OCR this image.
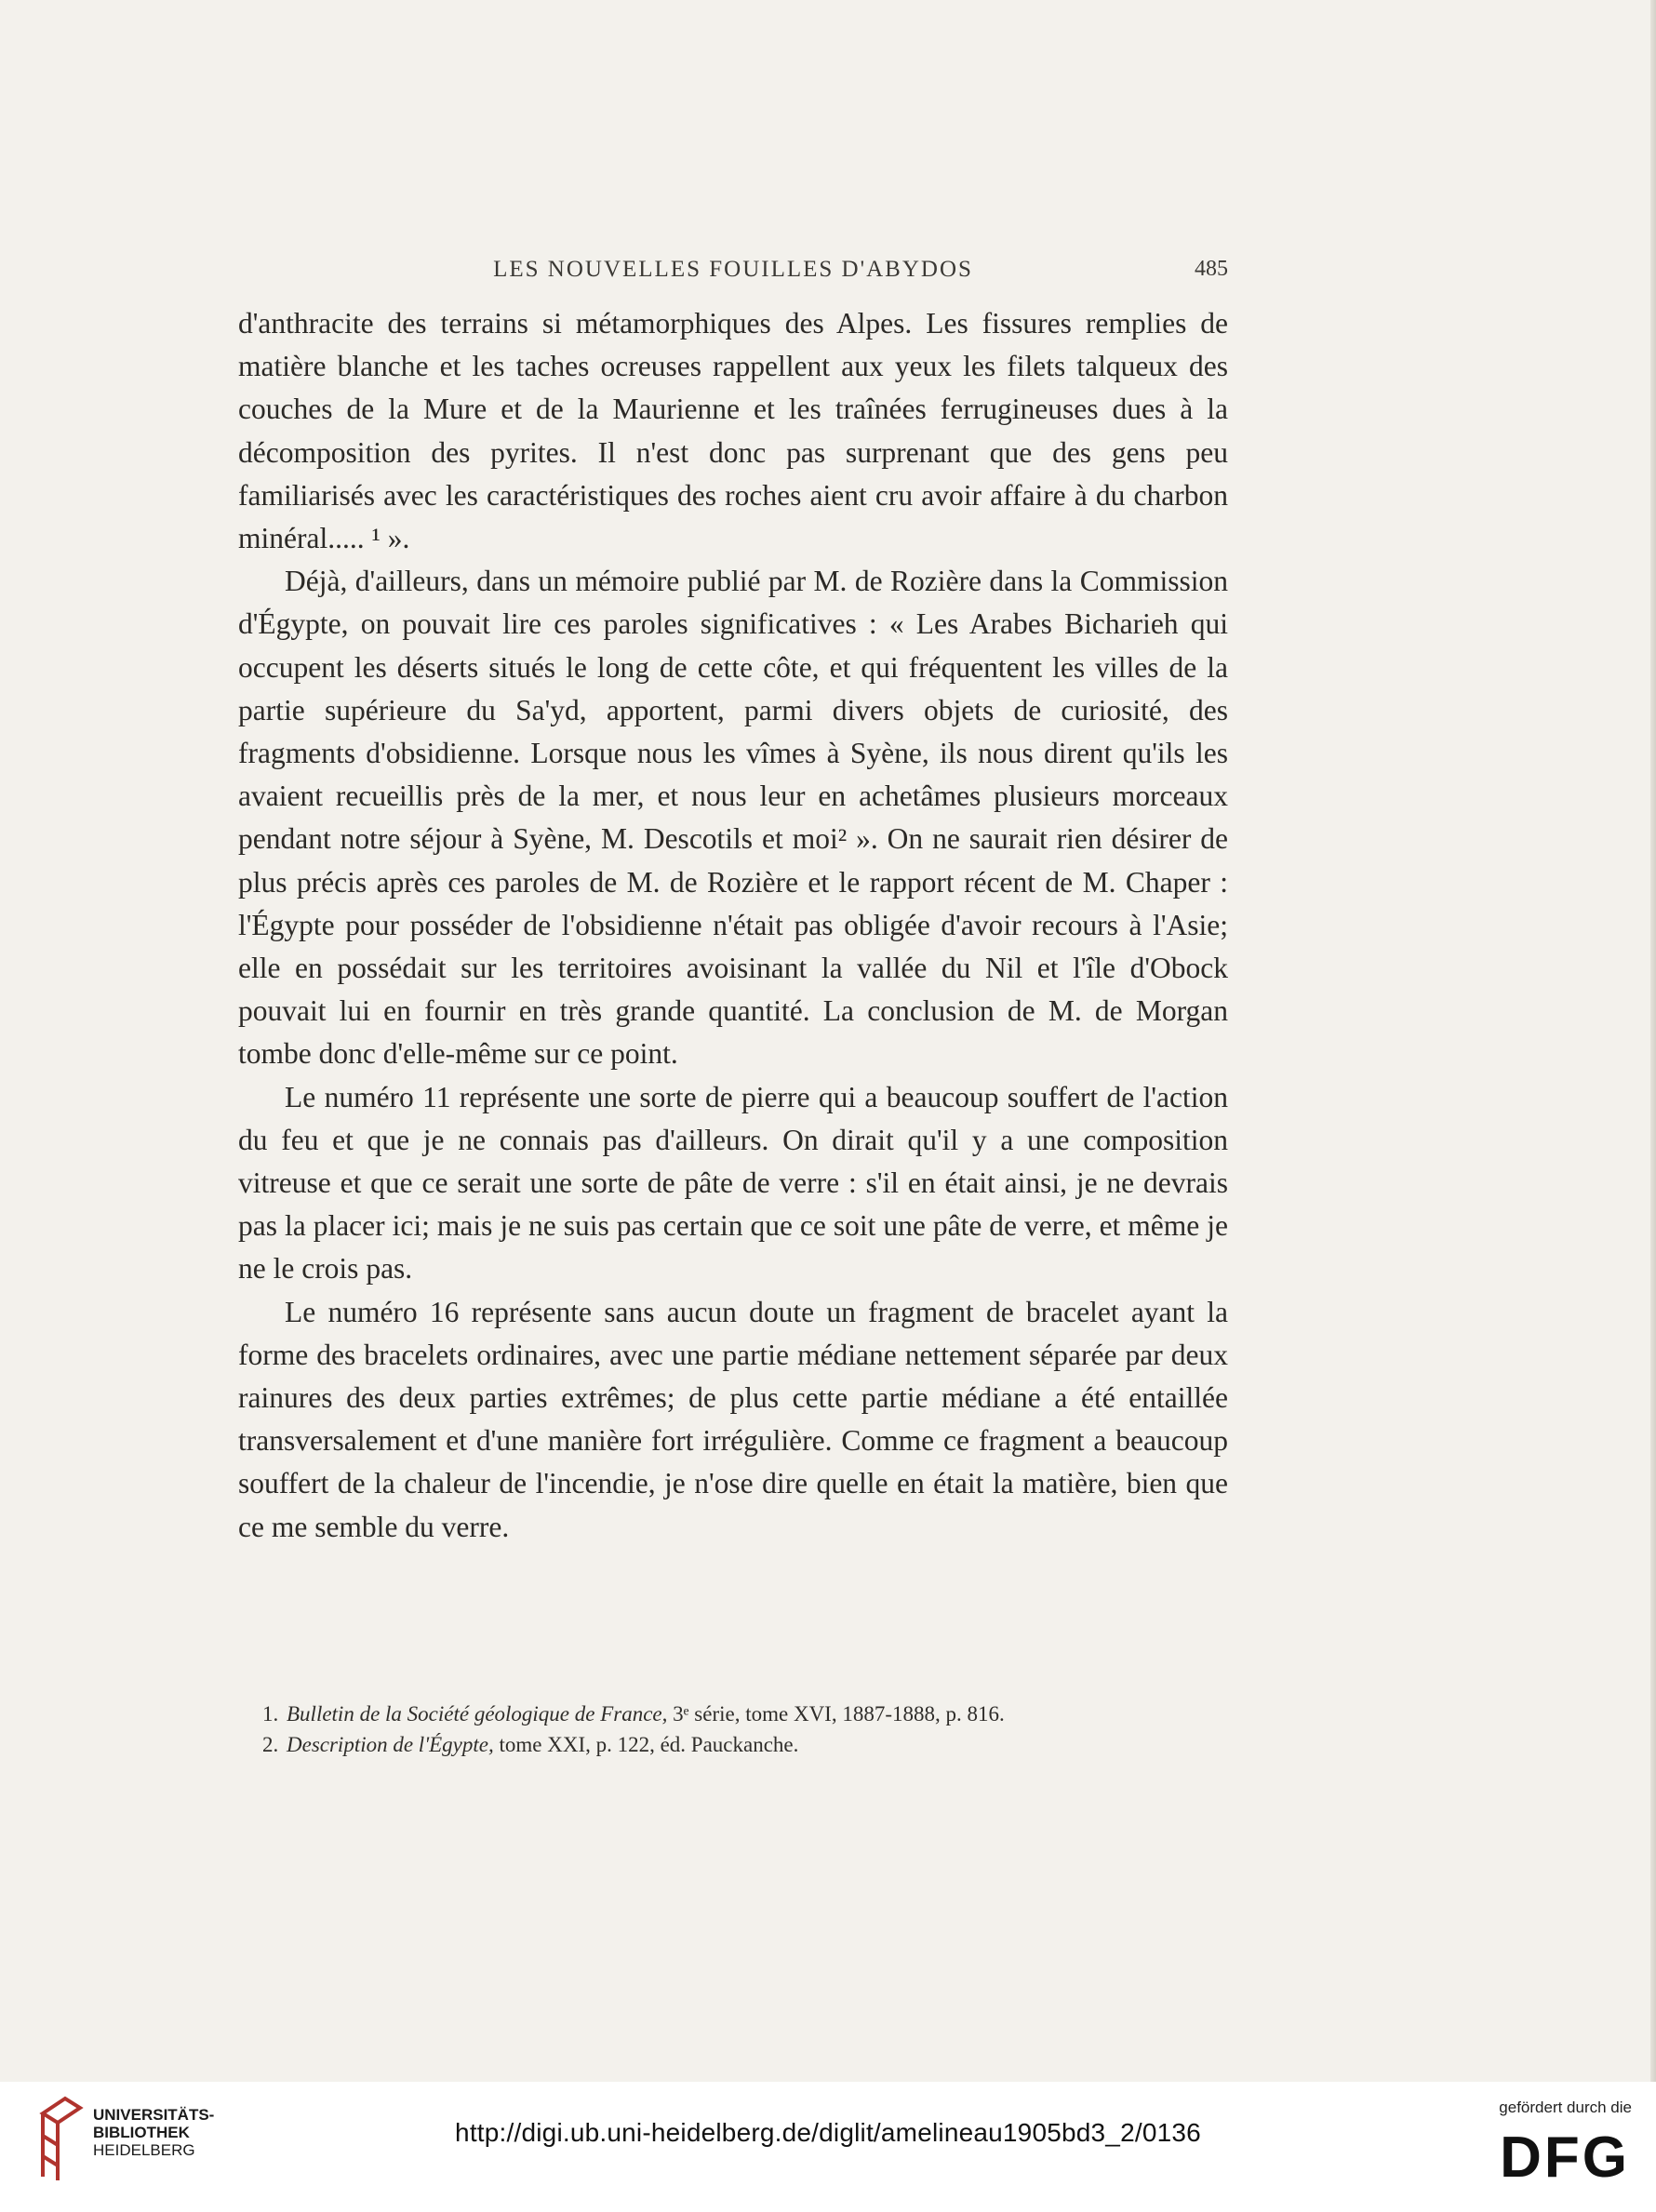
LES NOUVELLES FOUILLES D'ABYDOS	485

d'anthracite des terrains si métamorphiques des Alpes. Les fissures remplies de matière blanche et les taches ocreuses rappellent aux yeux les filets talqueux des couches de la Mure et de la Maurienne et les traînées ferrugineuses dues à la décomposition des pyrites. Il n'est donc pas surprenant que des gens peu familiarisés avec les caractéristiques des roches aient cru avoir affaire à du charbon minéral..... ¹ ».

Déjà, d'ailleurs, dans un mémoire publié par M. de Rozière dans la Commission d'Égypte, on pouvait lire ces paroles significatives : « Les Arabes Bicharieh qui occupent les déserts situés le long de cette côte, et qui fréquentent les villes de la partie supérieure du Sa'yd, apportent, parmi divers objets de curiosité, des fragments d'obsidienne. Lorsque nous les vîmes à Syène, ils nous dirent qu'ils les avaient recueillis près de la mer, et nous leur en achetâmes plusieurs morceaux pendant notre séjour à Syène, M. Descotils et moi² ». On ne saurait rien désirer de plus précis après ces paroles de M. de Rozière et le rapport récent de M. Chaper : l'Égypte pour posséder de l'obsidienne n'était pas obligée d'avoir recours à l'Asie; elle en possédait sur les territoires avoisinant la vallée du Nil et l'île d'Obock pouvait lui en fournir en très grande quantité. La conclusion de M. de Morgan tombe donc d'elle-même sur ce point.

Le numéro 11 représente une sorte de pierre qui a beaucoup souffert de l'action du feu et que je ne connais pas d'ailleurs. On dirait qu'il y a une composition vitreuse et que ce serait une sorte de pâte de verre : s'il en était ainsi, je ne devrais pas la placer ici; mais je ne suis pas certain que ce soit une pâte de verre, et même je ne le crois pas.

Le numéro 16 représente sans aucun doute un fragment de bracelet ayant la forme des bracelets ordinaires, avec une partie médiane nettement séparée par deux rainures des deux parties extrêmes; de plus cette partie médiane a été entaillée transversalement et d'une manière fort irrégulière. Comme ce fragment a beaucoup souffert de la chaleur de l'incendie, je n'ose dire quelle en était la matière, bien que ce me semble du verre.

1. Bulletin de la Société géologique de France, 3ᵉ série, tome XVI, 1887-1888, p. 816.

2. Description de l'Égypte, tome XXI, p. 122, éd. Pauckanche.

UNIVERSITÄTS-
BIBLIOTHEK
HEIDELBERG
http://digi.ub.uni-heidelberg.de/diglit/amelineau1905bd3_2/0136
gefördert durch die
DFG
